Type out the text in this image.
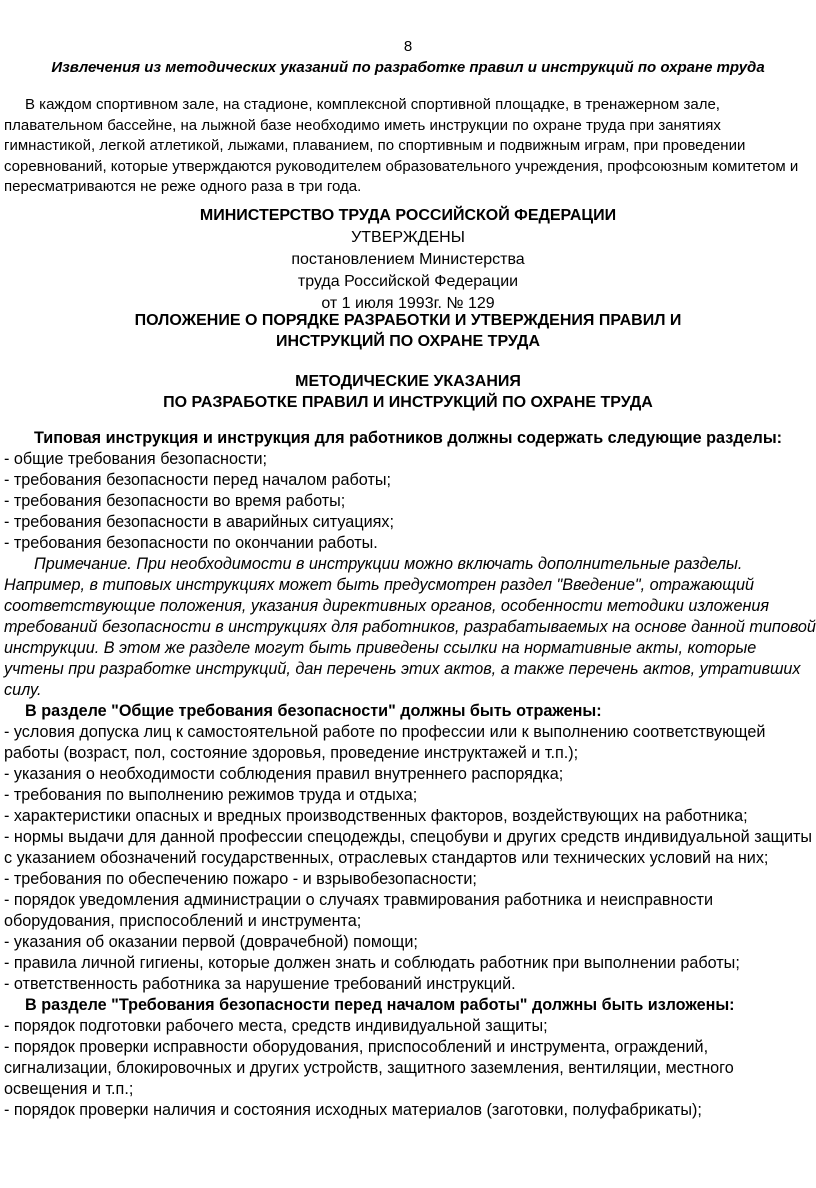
8
Извлечения из методических указаний по разработке правил и инструкций по охране труда

В каждом спортивном зале, на стадионе, комплексной спортивной площадке, в тренажерном зале, плавательном бассейне, на лыжной базе необходимо иметь инструкции по охране труда при занятиях гимнастикой, легкой атлетикой, лыжами, плаванием, по спортивным и подвижным играм, при проведении соревнований, которые утверждаются руководителем образовательного учреждения, профсоюзным комитетом и пересматриваются не реже одного раза в три года.

МИНИСТЕРСТВО ТРУДА РОССИЙСКОЙ ФЕДЕРАЦИИ
УТВЕРЖДЕНЫ
постановлением Министерства
труда Российской Федерации
от 1 июля 1993г. № 129
ПОЛОЖЕНИЕ О ПОРЯДКЕ РАЗРАБОТКИ И УТВЕРЖДЕНИЯ ПРАВИЛ И
ИНСТРУКЦИЙ ПО ОХРАНЕ ТРУДА
МЕТОДИЧЕСКИЕ УКАЗАНИЯ
ПО РАЗРАБОТКЕ ПРАВИЛ И ИНСТРУКЦИЙ ПО ОХРАНЕ ТРУДА

Типовая инструкция и инструкция для работников должны содержать следующие разделы:

- общие требования безопасности;

- требования безопасности перед началом работы;

- требования безопасности во время работы;

- требования безопасности в аварийных ситуациях;

- требования безопасности по окончании работы.

Примечание. При необходимости в инструкции можно включать дополнительные разделы. Например, в типовых инструкциях может быть предусмотрен раздел "Введение", отражающий соответствующие положения, указания директивных органов, особенности методики изложения требований безопасности в инструкциях для работников, разрабатываемых на основе данной типовой инструкции. В этом же разделе могут быть приведены ссылки на нормативные акты, которые учтены при разработке инструкций, дан перечень этих актов, а также перечень актов, утративших силу.

В разделе "Общие требования безопасности" должны быть отражены:

- условия допуска лиц к самостоятельной работе по профессии или к выполнению соответствующей работы (возраст, пол, состояние здоровья, проведение инструктажей и т.п.);

- указания о необходимости соблюдения правил внутреннего распорядка;

- требования по выполнению режимов труда и отдыха;

- характеристики опасных и вредных производственных факторов, воздействующих на работника;

- нормы выдачи для данной профессии спецодежды, спецобуви и других средств индивидуальной защиты с указанием обозначений государственных, отраслевых стандартов или технических условий на них;

- требования по обеспечению пожаро - и взрывобезопасности;

- порядок уведомления администрации о случаях травмирования работника и неисправности оборудования, приспособлений и инструмента;

- указания об оказании первой (доврачебной) помощи;

- правила личной гигиены, которые должен знать и соблюдать работник при выполнении работы;

- ответственность работника за нарушение требований инструкций.

В разделе "Требования безопасности перед началом работы" должны быть изложены:

- порядок подготовки рабочего места, средств индивидуальной защиты;

- порядок проверки исправности оборудования, приспособлений и инструмента, ограждений, сигнализации, блокировочных и других устройств, защитного заземления, вентиляции, местного освещения и т.п.;

- порядок проверки наличия и состояния исходных материалов (заготовки, полуфабрикаты);
